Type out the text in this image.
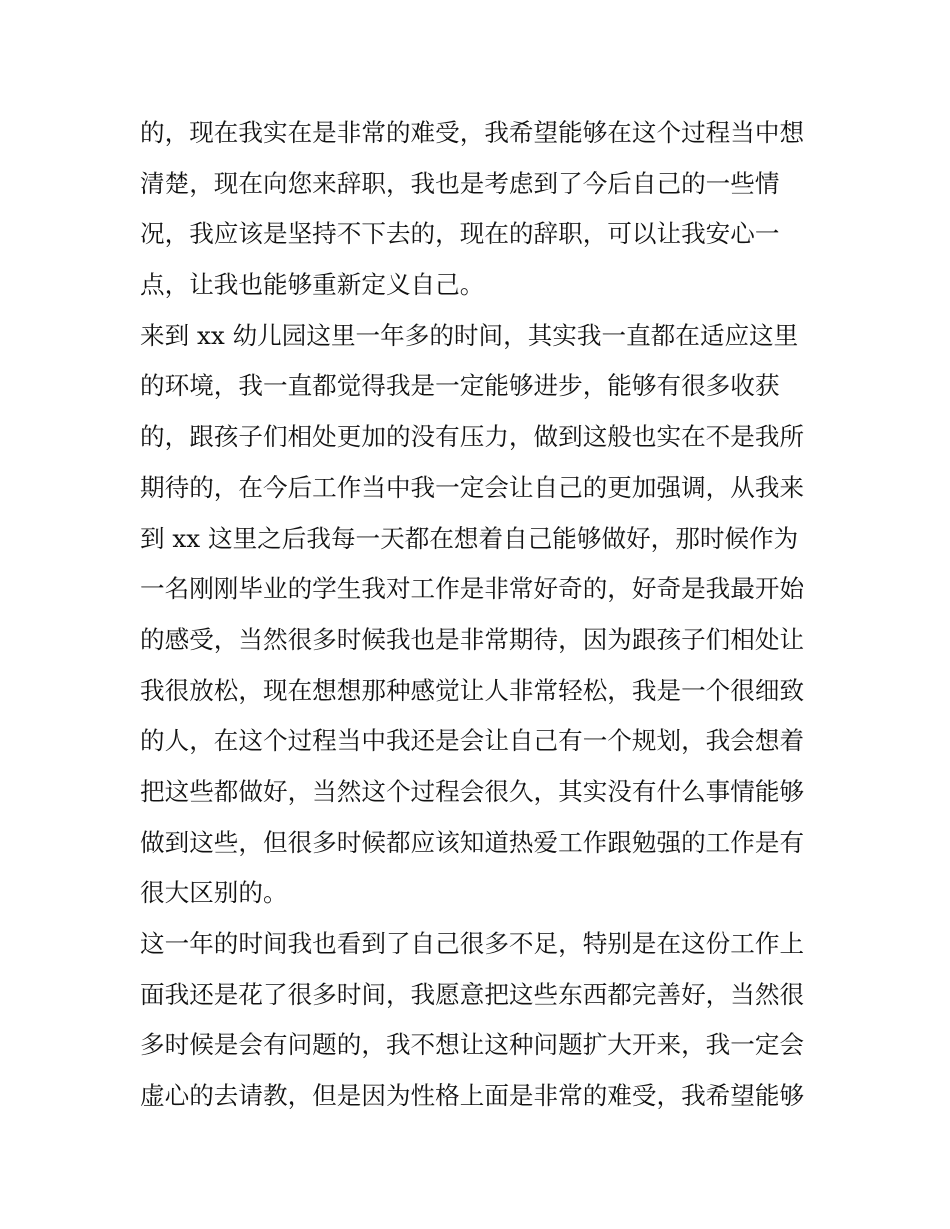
的，现在我实在是非常的难受，我希望能够在这个过程当中想
清楚，现在向您来辞职，我也是考虑到了今后自己的一些情
况，我应该是坚持不下去的，现在的辞职，可以让我安心一
点，让我也能够重新定义自己。

来到 xx 幼儿园这里一年多的时间，其实我一直都在适应这里
的环境，我一直都觉得我是一定能够进步，能够有很多收获
的，跟孩子们相处更加的没有压力，做到这般也实在不是我所
期待的，在今后工作当中我一定会让自己的更加强调，从我来
到 xx 这里之后我每一天都在想着自己能够做好，那时候作为
一名刚刚毕业的学生我对工作是非常好奇的，好奇是我最开始
的感受，当然很多时候我也是非常期待，因为跟孩子们相处让
我很放松，现在想想那种感觉让人非常轻松，我是一个很细致
的人，在这个过程当中我还是会让自己有一个规划，我会想着
把这些都做好，当然这个过程会很久，其实没有什么事情能够
做到这些，但很多时候都应该知道热爱工作跟勉强的工作是有
很大区别的。

这一年的时间我也看到了自己很多不足，特别是在这份工作上
面我还是花了很多时间，我愿意把这些东西都完善好，当然很
多时候是会有问题的，我不想让这种问题扩大开来，我一定会
虚心的去请教，但是因为性格上面是非常的难受，我希望能够
